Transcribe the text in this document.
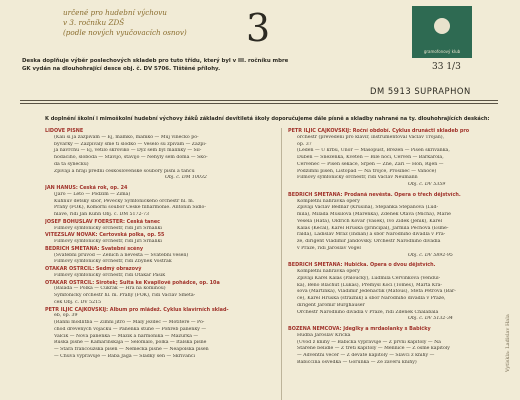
určené pro hudební výchovu
v 3. ročníku ZDŠ
(podle nových vyučovacích osnov) 3
gramofonový klub
33 1/3
Deska doplňuje výběr poslechových skladeb pro tuto třídu, který byl v III. ročníku mbre
GK vydán na dlouhohrající desce obj. č. DV 5706. Tištěné přílohy.
DM 5913 SUPRAPHON
K doplnění školní i mimoškolní hudební výchovy žáků základní devítiletá školy doporučujeme dále písně a skladby nahrané na ty. dlouhohrajících deskách:

LIDOVÉ PÍSNĚ

(Kalí si já zazpívám — Ej, mamko, mamko — Můj vínečko po-

bývarky — Zazpívaly sme ti slodko — Veselo sú zpívám — Zazpí-

ja navrchu — Ej, vetilo skroviko — Dyž sem byl malinký — Sil-

hodáciho, sloboda — Stavijo, stavijo — Nehyly sem doma — Ško-

da ťa synečku)

Zpívají a hrají přední československé soubory písní a tanců

Obj. č. DM 10032

JAN HANUŠ: Česká rok, op. 24

(Jaro — Léto — Podzim — Zima)

Kühnův dětský sbor, Pěvecký Symfonického orchestr hl. m.

Prahy (FOK), Komorní soubor České filharmonie. Antonín Šidlo-

hlavé, řídí Jan Kühn Obj. č. DM 5172-73

JOSEF BOHUSLAV FOERSTER: Česká tanec

Filmový symfonický orchestr, řídí Jiří Srnalikí

VÍTĚZSLAV NOVÁK: Čertovská polka, op. 55

Filmový symfonický orchestr, řídí Jiří Srnalikí

BEDŘICH SMETANA: Svatební scény

(Svatební průvod — Ženich a nevěsta — Svatební veselí)

Filmový symfonický orchestr, řídí Zbyněk Vostřák

OTAKAR OSTRČIL: Sedmý obrazový

Filmový symfonický orchestr, řídí Otakar Pašík

OTAKAR OSTRČIL: Sirotek; Suita ke Kvapilově pohádce, op. 10a

(Balada — Polka — Cukrák — Hra na kominou)

Symfonický orchestr hl. m. Prahy (FOK), řídí Václav Smetá-

ček Obj. č. DV 5215

PETR ILJIČ ČAJKOVSKIJ: Album pro mládež. Cyklus klavírních sklad-

eb, op. 39

(Ranní modlitba — Zimní jitro — Malý jezdec — Motitéře — Po-

chod dřevěných vojáčků — Panenka stůně — Pohřeb panenky —

Valčík — Nová panenka — Mazik a harmonika — Mazurka —

Ruská písně — Kamarinskaja — Selomalo, polka — Italská písně

— Stará francouzská píseň — Německá písně — Neapolská píseň

— Chůva vypravuje — Baba Jaga — Sladký sen — Skřivánčí

PETR ILJIČ ČAJKOVSKIJ: Roční období. Cyklus drunácti skladeb pro

orchestr (převedení pro klavír, instrumentoval Václav Trojan),

op. 37

(Leden — U krbu, Únor — Masopust, Březen — Píseň skřivánka,

Duben — Sněženka, Květen — Bílé noci, Červen — Barkarola,

Červenec — Píseň sekáče, Srpen — Žně, Září — Hon, Říjen —

Podzimní píseň, Listopad — Na trojce, Prosinec — Vánoce)

Filmový symfonický orchestr, řídí Václav Neumann

Obj. č. DV 5359

BEDŘICH SMETANA: Prodaná nevěsta. Opera o třech dějstvích.

Kompletní nahrávka opery

Zpívají Václav Bednář (Krušina), Štěpánka Štěpánová (Lud-

mila), Milada Musilová (Mařenka), Zdeněk Otava (Micha), Marie

Veselá (Háta), Oldřich Kovář (Vašek), Ivo Žídek (Jeník), Karel

Kalaš (Kecal), Karel Hruška (principál), Jarmila Pechová (Esme-

ralda), Ladislav Mráz (Indián) a sbor Národního divadla v Pra-

ze, dirigent Vladimír Jandovský. Orchestr Národního divadla

v Praze, řídí Jaroslav Vogel

Obj. č. DV 5892-95

BEDŘICH SMETANA: Hubička. Opera o dvou dějstvích.

Kompletní nahrávka opery

Zpívají Karel Kalaš (Paloucký), Ludmila Červinková (Vendul-

ka), Beno Blachut (Lukáš), Přemysl Kočí (Tomeš), Marta Krá-

sová (Martinka), Vladimír Jedenáctík (Matouš), Štefa Petrová (Bar-

ce), Karel Hruška (strážník) a sbor Národního divadla v Praze,

dirigent Jaromír Burghauser

Orchestr Národního divadla v Praze, řídí Zdeněk Chalabala

Obj. č. DV 5132-34

BOŽENA NĚMCOVÁ: Jdeglky a mrdaolanky s Babičky

Hudba Jaroslav Křička

(Úvod z knihy — Babička vyprávuje — Z první kapitoly — Na

Staréne bělidle — Z třetí kapitoly — Mennice — Z osmé kapitoly

— Adventní večer — Z deváté kapitoly — Slavčí z knihy —

Babiččina osvědka — Gorunka — Ze závěru knihy)	Vytiskla: Ladislav Hala
